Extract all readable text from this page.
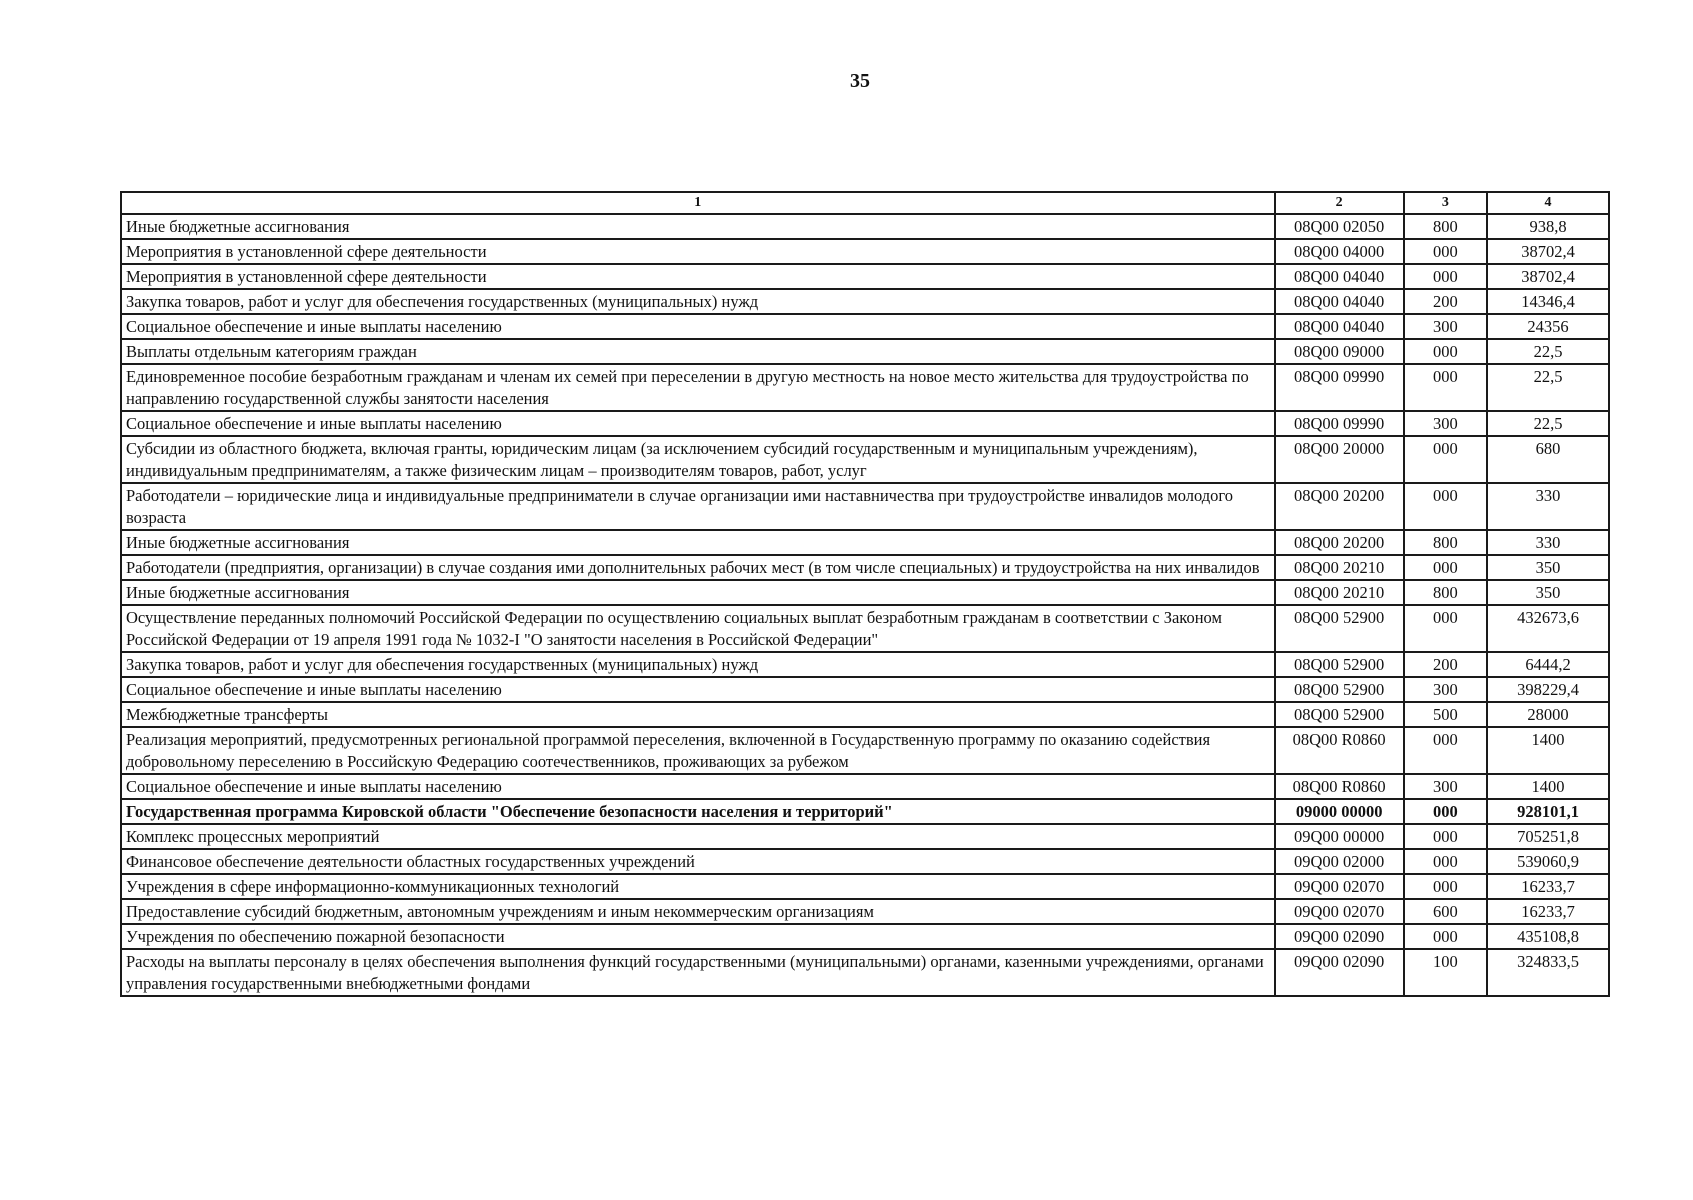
35
1	2	3	4
Иные бюджетные ассигнования	08Q00 02050	800	938,8
Мероприятия в установленной сфере деятельности	08Q00 04000	000	38702,4
Мероприятия в установленной сфере деятельности	08Q00 04040	000	38702,4
Закупка товаров, работ и услуг для обеспечения государственных (муниципальных) нужд	08Q00 04040	200	14346,4
Социальное обеспечение и иные выплаты населению	08Q00 04040	300	24356
Выплаты отдельным категориям граждан	08Q00 09000	000	22,5
Единовременное пособие безработным гражданам и членам их семей при переселении в другую местность на новое место жительства для трудоустройства по направлению государственной службы занятости населения	08Q00 09990	000	22,5
Социальное обеспечение и иные выплаты населению	08Q00 09990	300	22,5
Субсидии из областного бюджета, включая гранты, юридическим лицам (за исключением субсидий государственным и муниципальным учреждениям), индивидуальным предпринимателям, а также физическим лицам – производителям товаров, работ, услуг	08Q00 20000	000	680
Работодатели – юридические лица и индивидуальные предприниматели в случае организации ими наставничества при трудоустройстве инвалидов молодого возраста	08Q00 20200	000	330
Иные бюджетные ассигнования	08Q00 20200	800	330
Работодатели (предприятия, организации) в случае создания ими дополнительных рабочих мест (в том числе специальных) и трудоустройства на них инвалидов	08Q00 20210	000	350
Иные бюджетные ассигнования	08Q00 20210	800	350
Осуществление переданных полномочий Российской Федерации по осуществлению социальных выплат безработным гражданам в соответствии с Законом Российской Федерации от 19 апреля 1991 года № 1032-I "О занятости населения в Российской Федерации"	08Q00 52900	000	432673,6
Закупка товаров, работ и услуг для обеспечения государственных (муниципальных) нужд	08Q00 52900	200	6444,2
Социальное обеспечение и иные выплаты населению	08Q00 52900	300	398229,4
Межбюджетные трансферты	08Q00 52900	500	28000
Реализация мероприятий, предусмотренных региональной программой переселения, включенной в Государственную программу по оказанию содействия добровольному переселению в Российскую Федерацию соотечественников, проживающих за рубежом	08Q00 R0860	000	1400
Социальное обеспечение и иные выплаты населению	08Q00 R0860	300	1400
Государственная программа Кировской области "Обеспечение безопасности населения и территорий"	09000 00000	000	928101,1
Комплекс процессных мероприятий	09Q00 00000	000	705251,8
Финансовое обеспечение деятельности областных государственных учреждений	09Q00 02000	000	539060,9
Учреждения в сфере информационно-коммуникационных технологий	09Q00 02070	000	16233,7
Предоставление субсидий бюджетным, автономным учреждениям и иным некоммерческим организациям	09Q00 02070	600	16233,7
Учреждения по обеспечению пожарной безопасности	09Q00 02090	000	435108,8
Расходы на выплаты персоналу в целях обеспечения выполнения функций государственными (муниципальными) органами, казенными учреждениями, органами управления государственными внебюджетными фондами	09Q00 02090	100	324833,5
